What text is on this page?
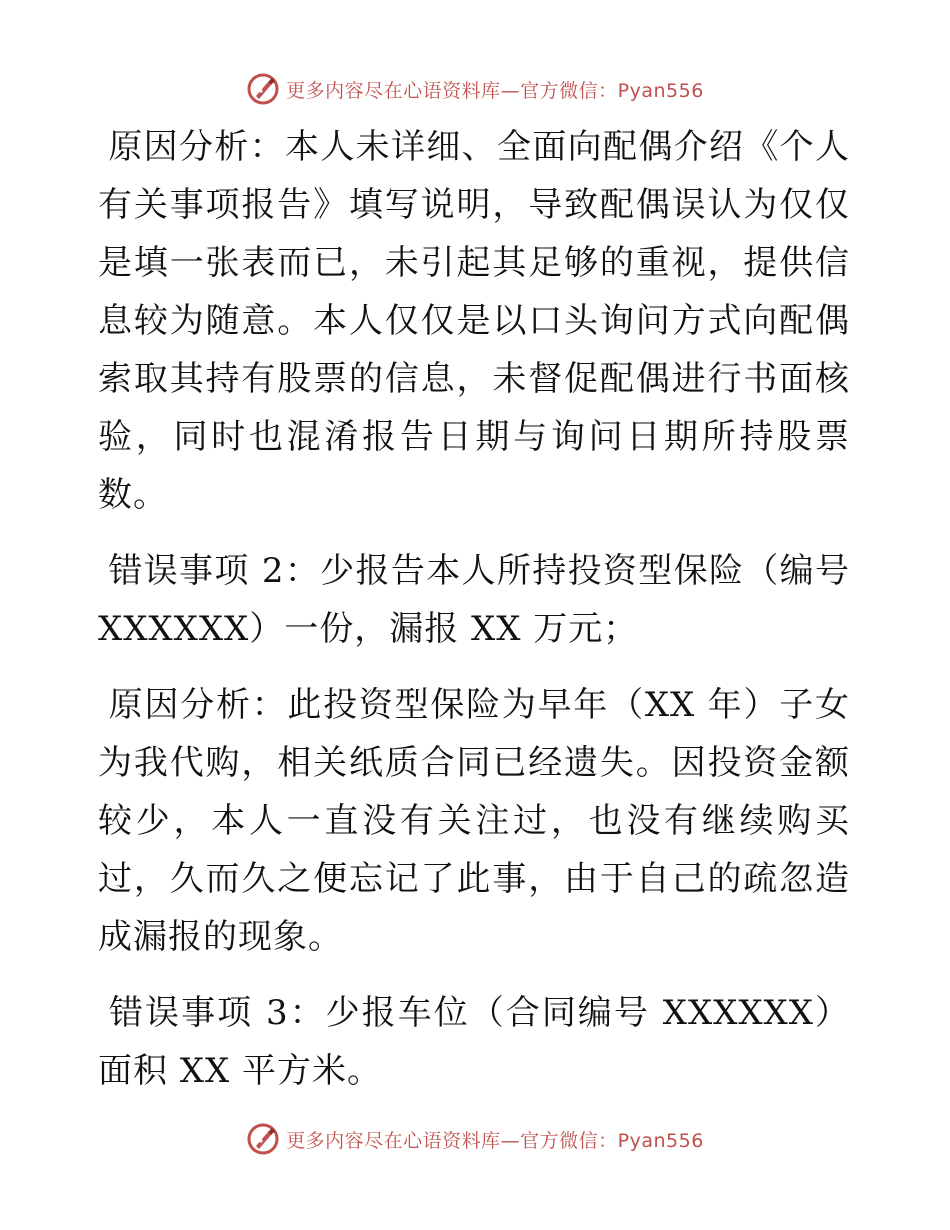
更多内容尽在心语资料库—官方微信：Pyan556

原因分析：本人未详细、全面向配偶介绍《个人有关事项报告》填写说明，导致配偶误认为仅仅是填一张表而已，未引起其足够的重视，提供信息较为随意。本人仅仅是以口头询问方式向配偶索取其持有股票的信息，未督促配偶进行书面核验，同时也混淆报告日期与询问日期所持股票数。

错误事项 2：少报告本人所持投资型保险（编号 XXXXXX）一份，漏报 XX 万元；

原因分析：此投资型保险为早年（XX 年）子女为我代购，相关纸质合同已经遗失。因投资金额较少，本人一直没有关注过，也没有继续购买过，久而久之便忘记了此事，由于自己的疏忽造成漏报的现象。

错误事项 3：少报车位（合同编号 XXXXXX）面积 XX 平方米。

更多内容尽在心语资料库—官方微信：Pyan556
